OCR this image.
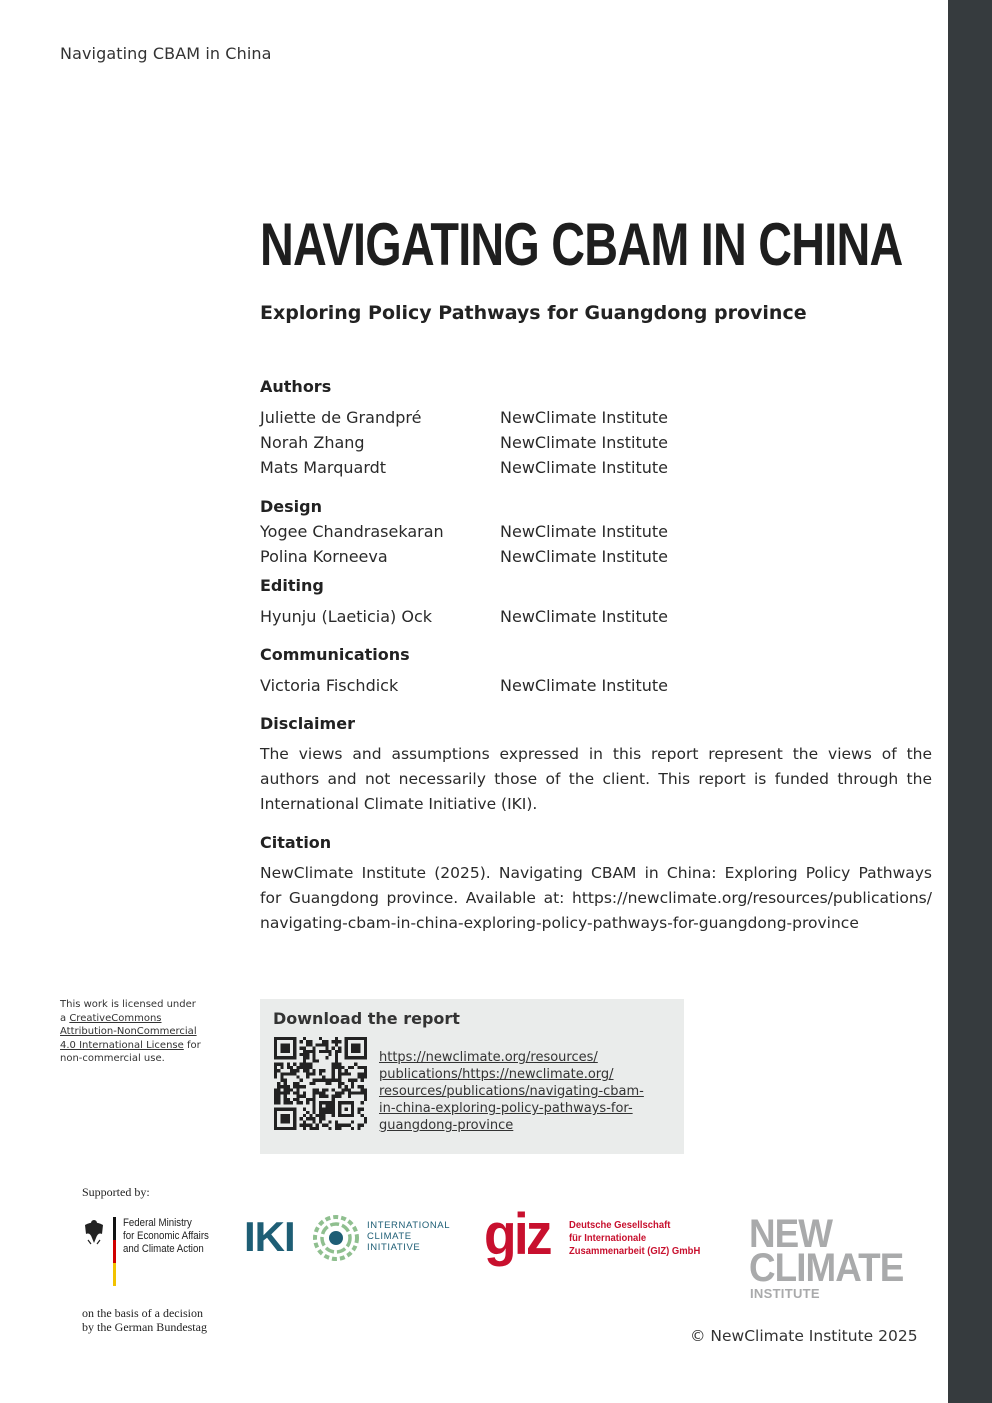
Navigating CBAM in China
NAVIGATING CBAM IN CHINA
Exploring Policy Pathways for Guangdong province
Authors
Juliette de Grandpré	NewClimate Institute
Norah Zhang	NewClimate Institute
Mats Marquardt	NewClimate Institute
Design
Yogee Chandrasekaran	NewClimate Institute
Polina Korneeva	NewClimate Institute
Editing
Hyunju (Laeticia) Ock	NewClimate Institute
Communications
Victoria Fischdick	NewClimate Institute
Disclaimer
The views and assumptions expressed in this report represent the views of the
authors and not necessarily those of the client. This report is funded through the
International Climate Initiative (IKI).
Citation
NewClimate Institute (2025). Navigating CBAM in China: Exploring Policy Pathways
for Guangdong province. Available at: https://newclimate.org/resources/publications/
navigating-cbam-in-china-exploring-policy-pathways-for-guangdong-province
This work is licensed under
a CreativeCommons Attribution-NonCommercial 4.0 International License for non-commercial use.
Download the report
https://newclimate.org/resources/
publications/https://newclimate.org/
resources/publications/navigating-cbam-
in-china-exploring-policy-pathways-for-
guangdong-province
Supported by:
Federal Ministry
for Economic Affairs
and Climate Action
on the basis of a decision
by the German Bundestag
IKI	INTERNATIONAL
CLIMATE
INITIATIVE	giz Deutsche Gesellschaft
für Internationale
Zusammenarbeit (GIZ) GmbH NEW
CLIMATE
INSTITUTE
© NewClimate Institute 2025
